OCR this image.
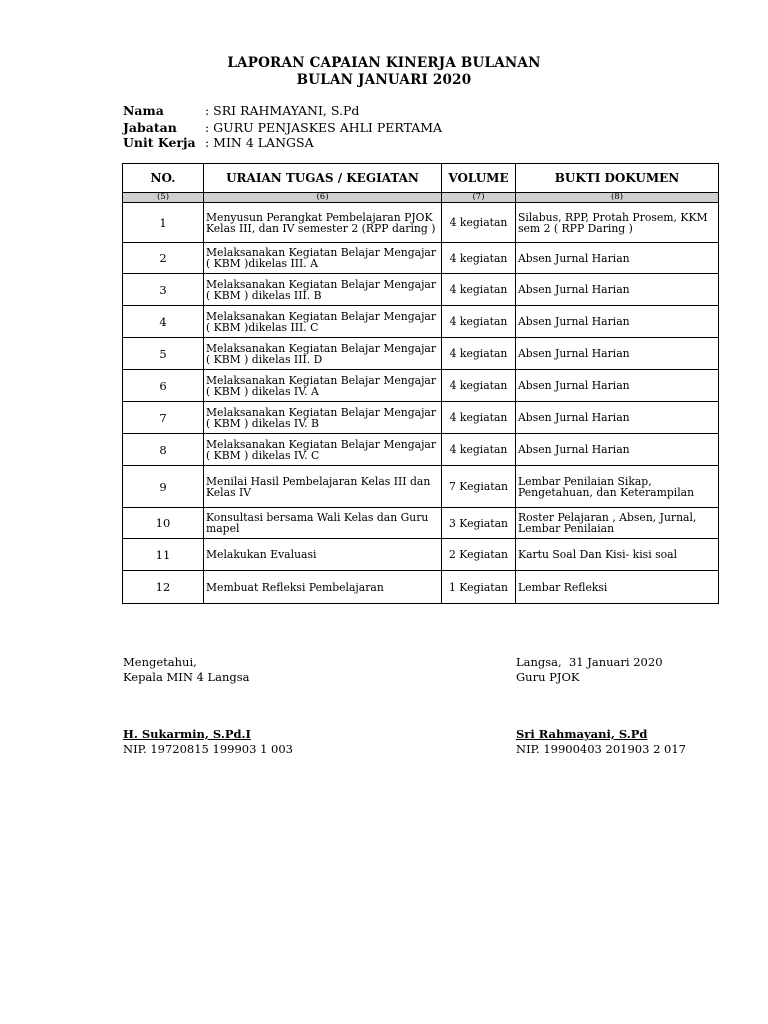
LAPORAN CAPAIAN KINERJA BULANAN
BULAN JANUARI 2020
Nama	: SRI RAHMAYANI, S.Pd
Jabatan : GURU PENJASKES AHLI PERTAMA
Unit Kerja : MIN 4 LANGSA
NO.	URAIAN TUGAS / KEGIATAN	VOLUME	BUKTI DOKUMEN
(5)	(6)	(7)	(8)
1	Menyusun Perangkat Pembelajaran PJOK Kelas III, dan IV semester 2 (RPP daring )	4 kegiatan	Silabus, RPP, Protah Prosem, KKM sem 2 ( RPP Daring )
2	Melaksanakan Kegiatan Belajar Mengajar ( KBM )dikelas III. A	4 kegiatan	Absen Jurnal Harian
3	Melaksanakan Kegiatan Belajar Mengajar ( KBM ) dikelas III. B	4 kegiatan	Absen Jurnal Harian
4	Melaksanakan Kegiatan Belajar Mengajar ( KBM )dikelas III. C	4 kegiatan	Absen Jurnal Harian
5	Melaksanakan Kegiatan Belajar Mengajar ( KBM ) dikelas III. D	4 kegiatan	Absen Jurnal Harian
6	Melaksanakan Kegiatan Belajar Mengajar ( KBM ) dikelas IV. A	4 kegiatan	Absen Jurnal Harian
7	Melaksanakan Kegiatan Belajar Mengajar ( KBM ) dikelas IV. B	4 kegiatan	Absen Jurnal Harian
8	Melaksanakan Kegiatan Belajar Mengajar ( KBM ) dikelas IV. C	4 kegiatan	Absen Jurnal Harian
9	Menilai Hasil Pembelajaran Kelas III dan Kelas IV	7 Kegiatan	Lembar Penilaian Sikap, Pengetahuan, dan Keterampilan
10	Konsultasi bersama Wali Kelas dan Guru mapel	3 Kegiatan	Roster Pelajaran , Absen, Jurnal, Lembar Penilaian
11	Melakukan Evaluasi	2 Kegiatan	Kartu Soal Dan Kisi- kisi soal
12	Membuat Refleksi Pembelajaran	1 Kegiatan	Lembar Refleksi
Mengetahui,
Kepala MIN 4 Langsa
H. Sukarmin, S.Pd.I
NIP. 19720815 199903 1 003
Langsa,  31 Januari 2020
Guru PJOK
Sri Rahmayani, S.Pd
NIP. 19900403 201903 2 017
